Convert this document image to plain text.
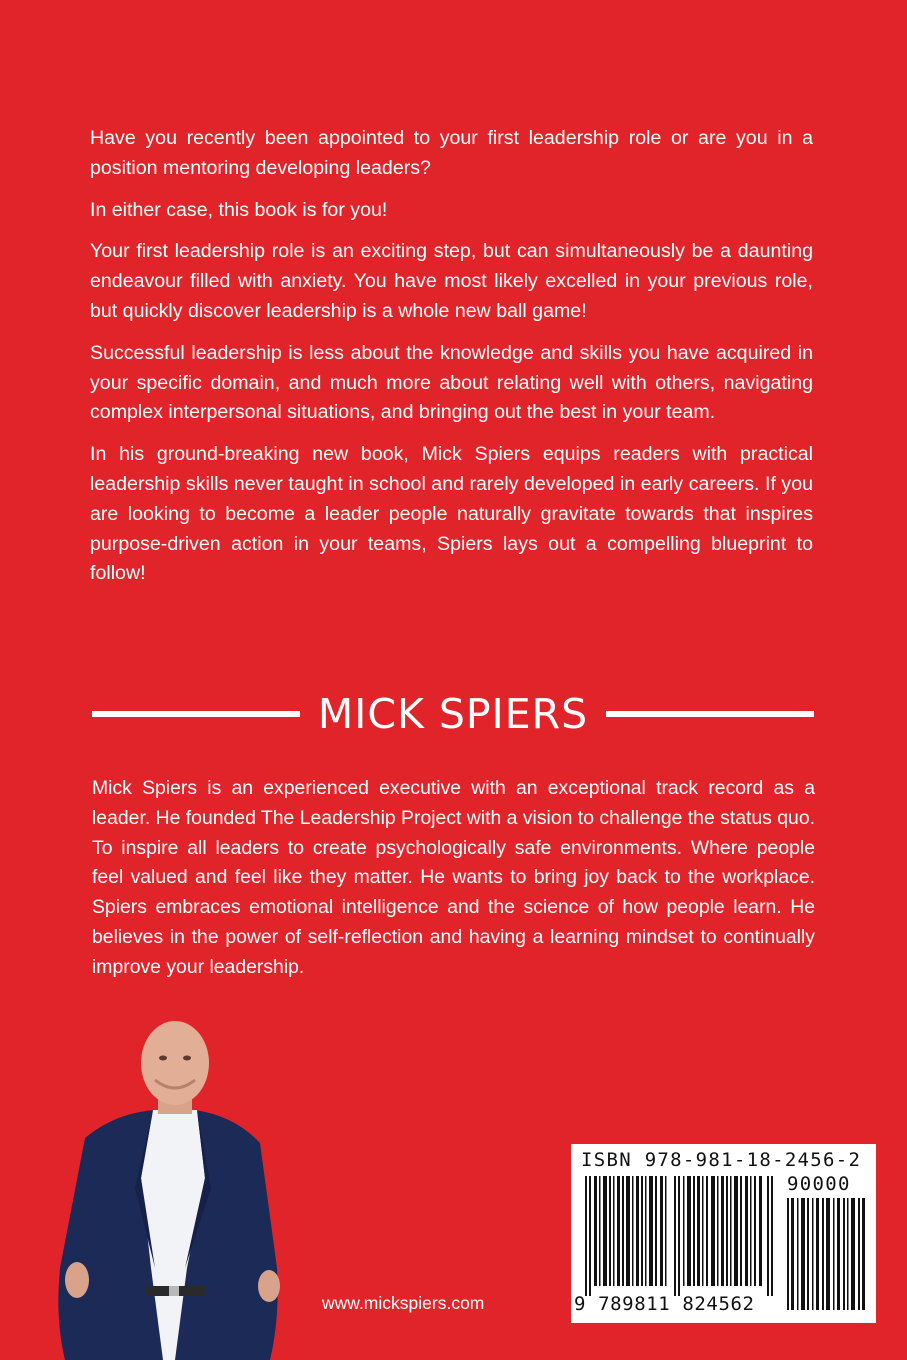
Have you recently been appointed to your first leadership role or are you in a position mentoring developing leaders?

In either case, this book is for you!

Your first leadership role is an exciting step, but can simultaneously be a daunting endeavour filled with anxiety. You have most likely excelled in your previous role, but quickly discover leadership is a whole new ball game!

Successful leadership is less about the knowledge and skills you have acquired in your specific domain, and much more about relating well with others, navigating complex interpersonal situations, and bringing out the best in your team.

In his ground-breaking new book, Mick Spiers equips readers with practical leadership skills never taught in school and rarely developed in early careers. If you are looking to become a leader people naturally gravitate towards that inspires purpose-driven action in your teams, Spiers lays out a compelling blueprint to follow!

MICK SPIERS

Mick Spiers is an experienced executive with an exceptional track record as a leader. He founded The Leadership Project with a vision to challenge the status quo. To inspire all leaders to create psychologically safe environments. Where people feel valued and feel like they matter. He wants to bring joy back to the workplace. Spiers embraces emotional intelligence and the science of how people learn. He believes in the power of self-reflection and having a learning mindset to continually improve your leadership.

www.mickspiers.com
ISBN 978-981-18-2456-2
90000
9 789811 824562
